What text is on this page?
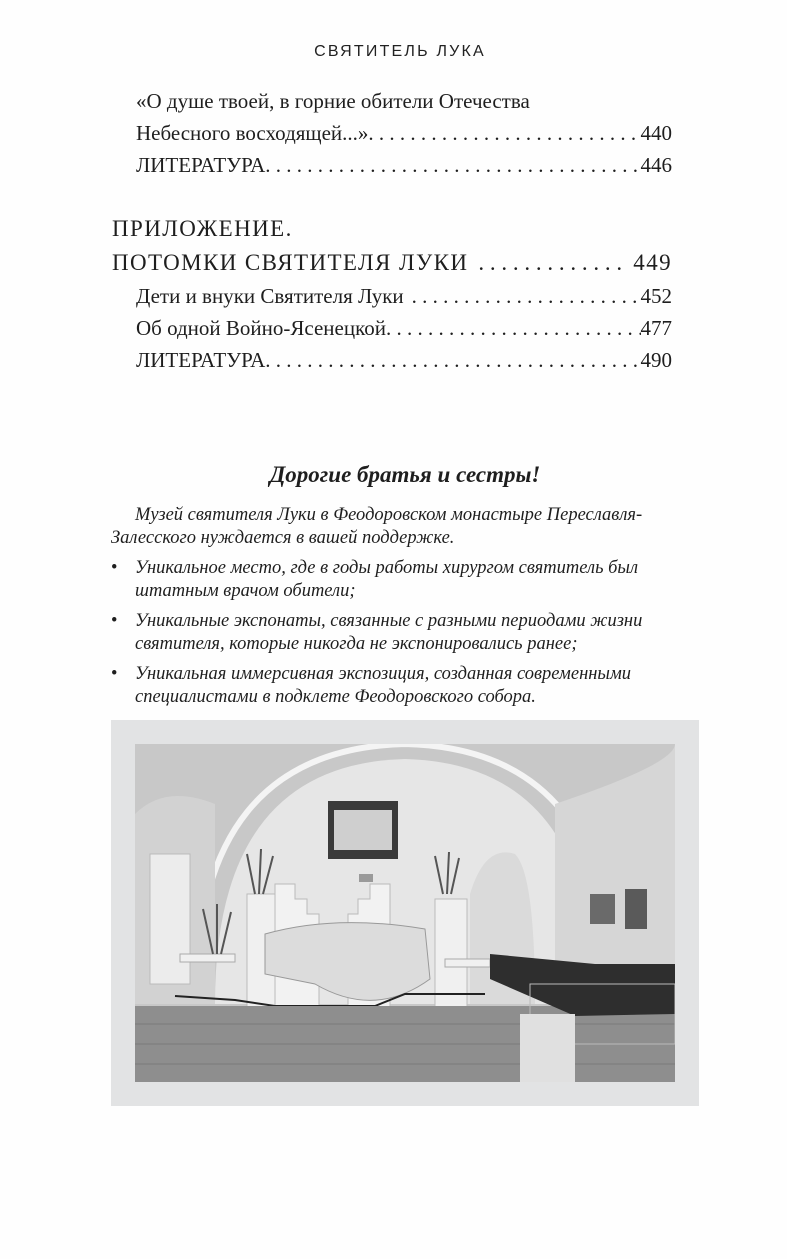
СВЯТИТЕЛЬ ЛУКА
«О душе твоей, в горние обители Отечества
Небесного восходящей...» . . .	440
ЛИТЕРАТУРА . . .	446
ПРИЛОЖЕНИЕ.
ПОТОМКИ СВЯТИТЕЛЯ ЛУКИ . . .	449
Дети и внуки Святителя Луки . . .	452
Об одной Войно-Ясенецкой . . .	477
ЛИТЕРАТУРА . . .	490
Дорогие братья и сестры!

Музей святителя Луки в Феодоровском монастыре Переславля-Залесского нуждается в вашей поддержке.

• Уникальное место, где в годы работы хирургом святитель был штатным врачом обители;
• Уникальные экспонаты, связанные с разными периодами жизни святителя, которые никогда не экспонировались ранее;
• Уникальная иммерсивная экспозиция, созданная современными специалистами в подклете Феодоровского собора.
